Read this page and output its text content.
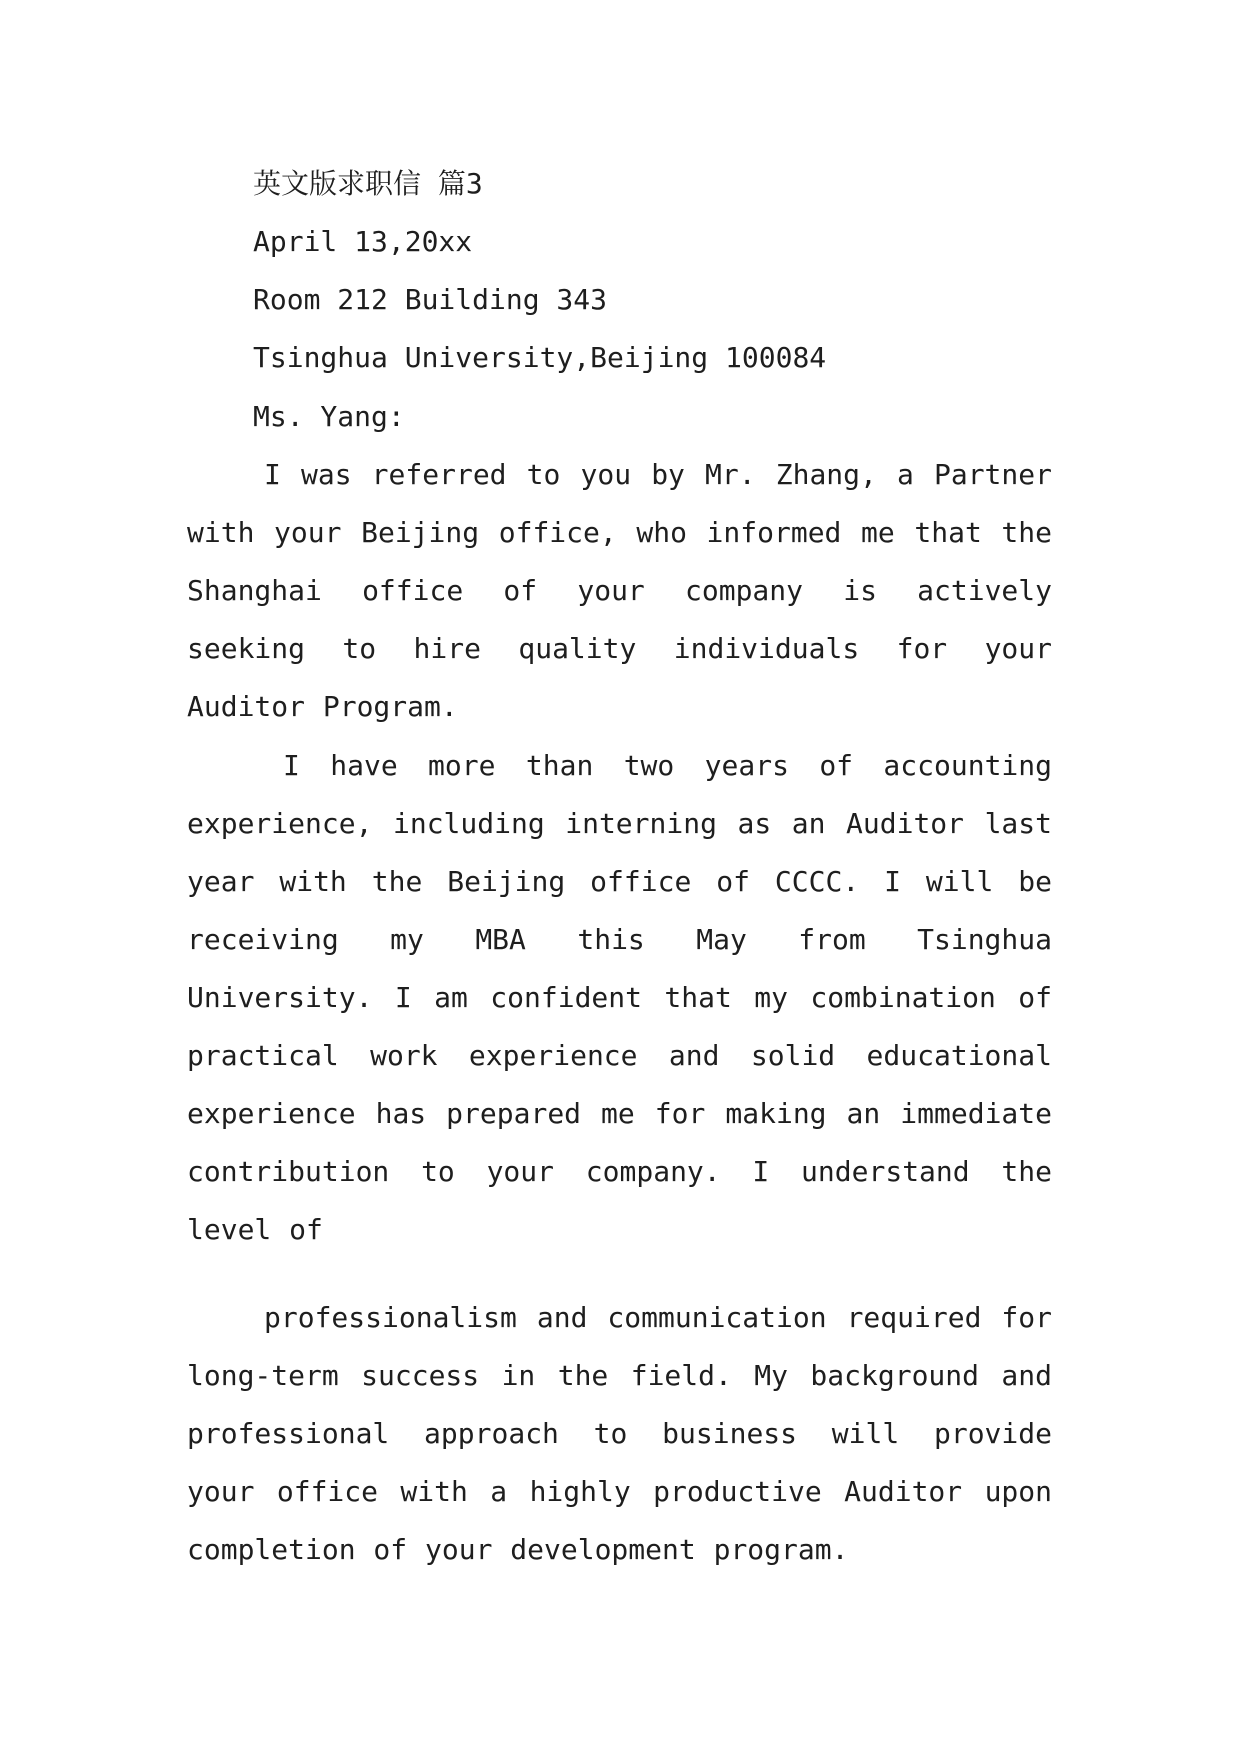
英文版求职信 篇3
April 13,20xx
Room 212 Building 343
Tsinghua University,Beijing 100084
Ms. Yang:
I was referred to you by Mr. Zhang, a Partner with your Beijing office, who informed me that the Shanghai office of your company is actively seeking to hire quality individuals for your Auditor Program.
I have more than two years of accounting experience, including interning as an Auditor last year with the Beijing office of CCCC. I will be receiving my MBA this May from Tsinghua University. I am confident that my combination of practical work experience and solid educational experience has prepared me for making an immediate contribution to your company. I understand the level of
professionalism and communication required for long-term success in the field. My background and professional approach to business will provide your office with a highly productive Auditor upon completion of your development program.
